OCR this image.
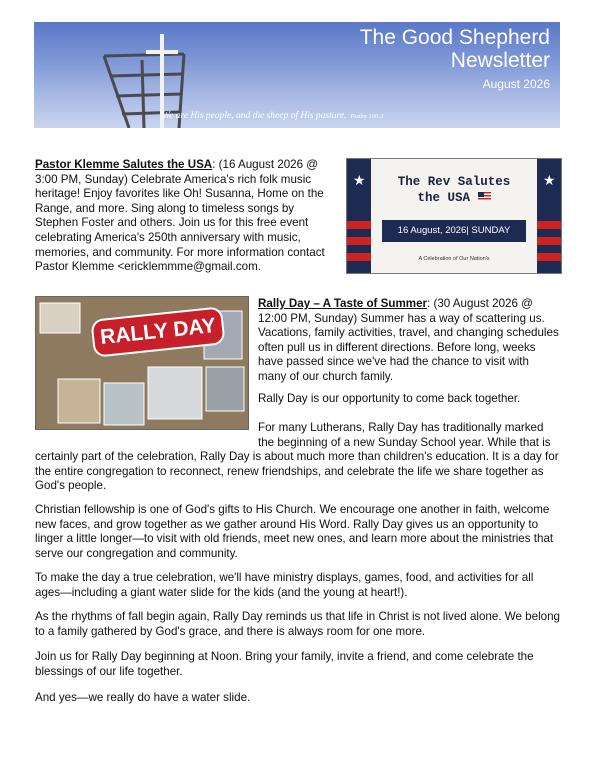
The Good Shepherd
Newsletter
August 2026
We are His people, and the sheep of His pasture. Psalm 100:3

Pastor Klemme Salutes the USA: (16 August 2026 @ 3:00 PM, Sunday) Celebrate America's rich folk music heritage! Enjoy favorites like Oh! Susanna, Home on the Range, and more. Sing along to timeless songs by Stephen Foster and others. Join us for this free event celebrating America's 250th anniversary with music, memories, and community. For more information contact Pastor Klemme <ericklemmme@gmail.com.

★	★
The Rev Salutes
the USA
16 August, 2026| SUNDAY
A Celebration of Our Nation's
RALLY DAY

Rally Day – A Taste of Summer: (30 August 2026 @ 12:00 PM, Sunday) Summer has a way of scattering us. Vacations, family activities, travel, and changing schedules often pull us in different directions. Before long, weeks have passed since we've had the chance to visit with many of our church family.

Rally Day is our opportunity to come back together.

For many Lutherans, Rally Day has traditionally marked the beginning of a new Sunday School year. While that is

certainly part of the celebration, Rally Day is about much more than children's education. It is a day for the entire congregation to reconnect, renew friendships, and celebrate the life we share together as God's people.

Christian fellowship is one of God's gifts to His Church. We encourage one another in faith, welcome new faces, and grow together as we gather around His Word. Rally Day gives us an opportunity to linger a little longer—to visit with old friends, meet new ones, and learn more about the ministries that serve our congregation and community.

To make the day a true celebration, we'll have ministry displays, games, food, and activities for all ages—including a giant water slide for the kids (and the young at heart!).

As the rhythms of fall begin again, Rally Day reminds us that life in Christ is not lived alone. We belong to a family gathered by God's grace, and there is always room for one more.

Join us for Rally Day beginning at Noon. Bring your family, invite a friend, and come celebrate the blessings of our life together.

And yes—we really do have a water slide.
